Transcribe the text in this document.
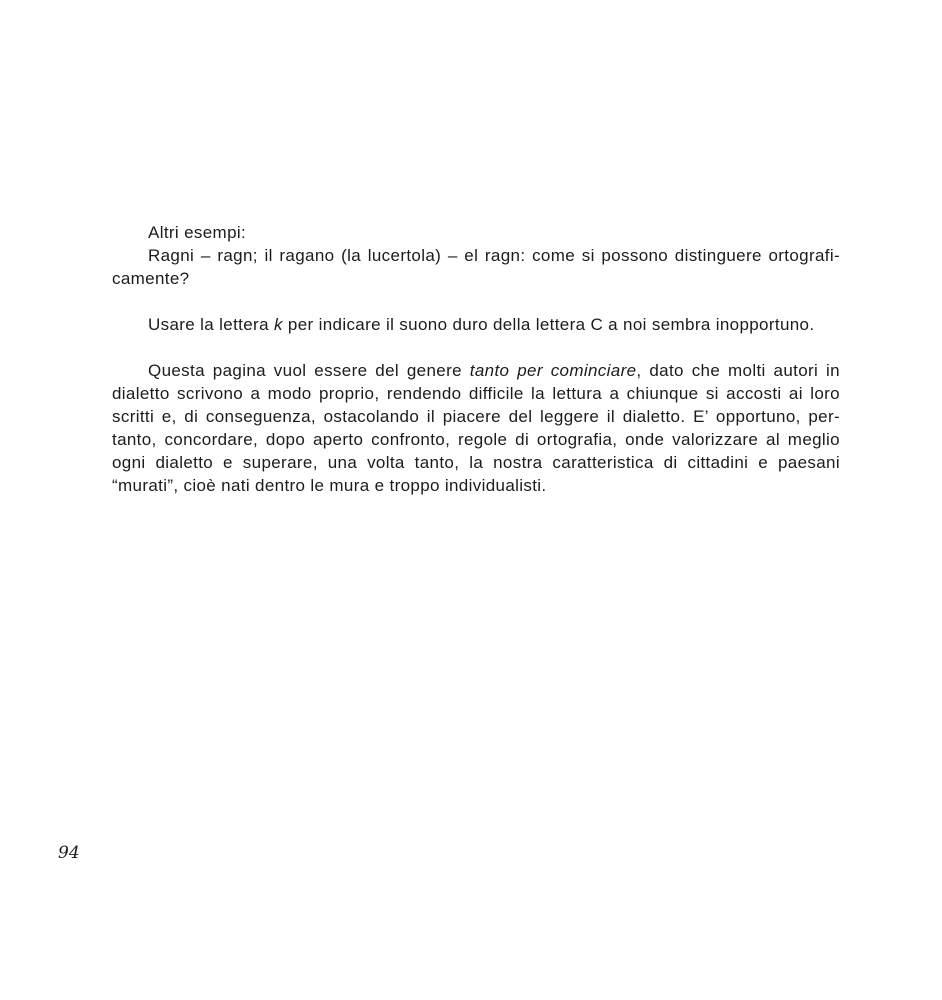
Altri esempi:
Ragni – ragn; il ragano (la lucertola) – el ragn: come si possono distinguere ortografi-
camente?
Usare la lettera k per indicare il suono duro della lettera C a noi sembra inopportuno.
Questa pagina vuol essere del genere tanto per cominciare, dato che molti autori in
dialetto scrivono a modo proprio, rendendo difficile la lettura a chiunque si accosti ai loro
scritti e, di conseguenza, ostacolando il piacere del leggere il dialetto. E’ opportuno, per-
tanto, concordare, dopo aperto confronto, regole di ortografia, onde valorizzare al meglio
ogni dialetto e superare, una volta tanto, la nostra caratteristica di cittadini e paesani
“murati”, cioè nati dentro le mura e troppo individualisti.
94
